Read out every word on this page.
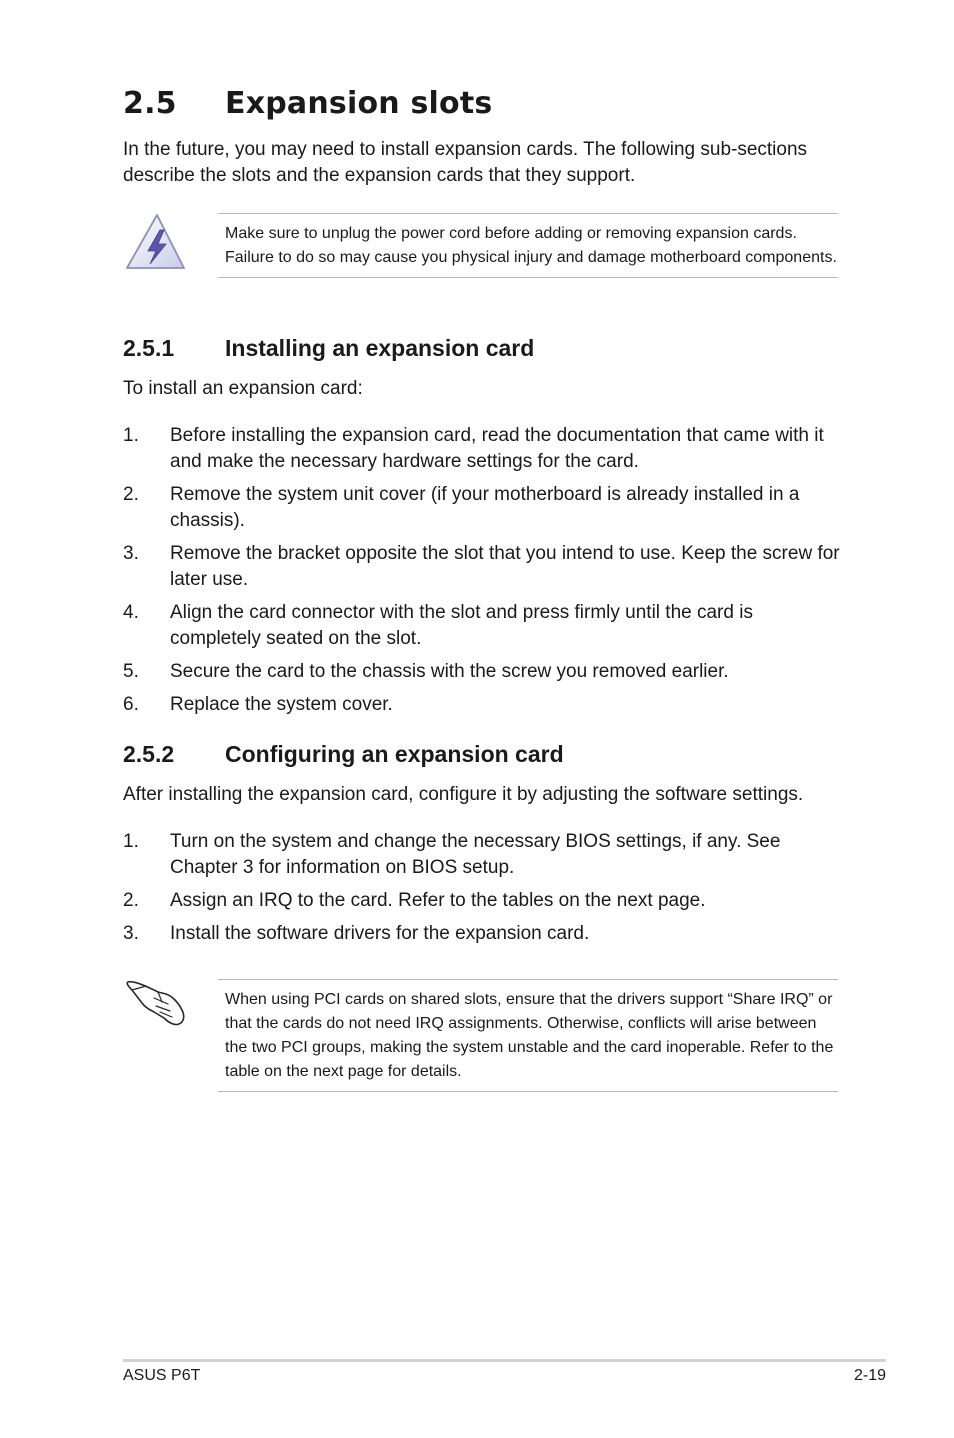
2.5 Expansion slots

In the future, you may need to install expansion cards. The following sub-sections describe the slots and the expansion cards that they support.

Make sure to unplug the power cord before adding or removing expansion cards. Failure to do so may cause you physical injury and damage motherboard components.

2.5.1 Installing an expansion card

To install an expansion card:

1. Before installing the expansion card, read the documentation that came with it and make the necessary hardware settings for the card.
2. Remove the system unit cover (if your motherboard is already installed in a chassis).
3. Remove the bracket opposite the slot that you intend to use. Keep the screw for later use.
4. Align the card connector with the slot and press firmly until the card is completely seated on the slot.
5. Secure the card to the chassis with the screw you removed earlier.
6. Replace the system cover.
2.5.2 Configuring an expansion card

After installing the expansion card, configure it by adjusting the software settings.

1. Turn on the system and change the necessary BIOS settings, if any. See Chapter 3 for information on BIOS setup.
2. Assign an IRQ to the card. Refer to the tables on the next page.
3. Install the software drivers for the expansion card.

When using PCI cards on shared slots, ensure that the drivers support “Share IRQ” or that the cards do not need IRQ assignments. Otherwise, conflicts will arise between the two PCI groups, making the system unstable and the card inoperable. Refer to the table on the next page for details.

ASUS P6T	2-19
